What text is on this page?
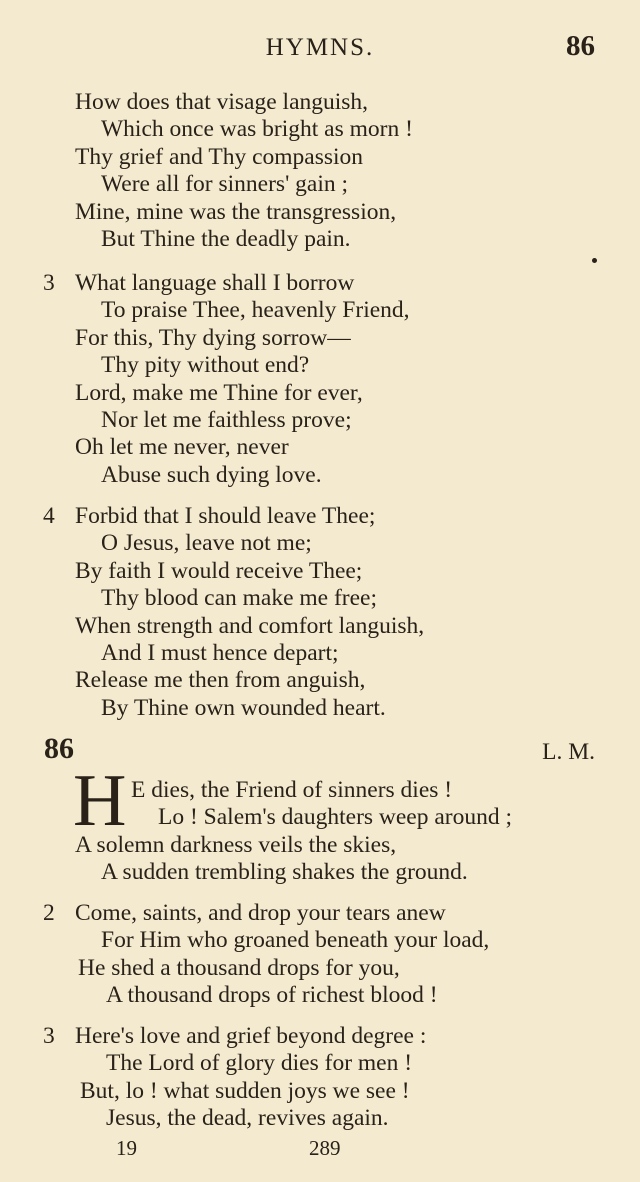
HYMNS.	86
How does that visage languish,
Which once was bright as morn !
Thy grief and Thy compassion
Were all for sinners' gain ;
Mine, mine was the transgression,
But Thine the deadly pain.
3 What language shall I borrow
To praise Thee, heavenly Friend,
For this, Thy dying sorrow—
Thy pity without end?
Lord, make me Thine for ever,
Nor let me faithless prove;
Oh let me never, never
Abuse such dying love.
4 Forbid that I should leave Thee;
O Jesus, leave not me;
By faith I would receive Thee;
Thy blood can make me free;
When strength and comfort languish,
And I must hence depart;
Release me then from anguish,
By Thine own wounded heart.
86	L. M.
H E dies, the Friend of sinners dies !
Lo ! Salem's daughters weep around ;
A solemn darkness veils the skies,
A sudden trembling shakes the ground.
2 Come, saints, and drop your tears anew
For Him who groaned beneath your load,
He shed a thousand drops for you,
A thousand drops of richest blood !
3 Here's love and grief beyond degree :
The Lord of glory dies for men !
But, lo ! what sudden joys we see !
Jesus, the dead, revives again.
19	289
